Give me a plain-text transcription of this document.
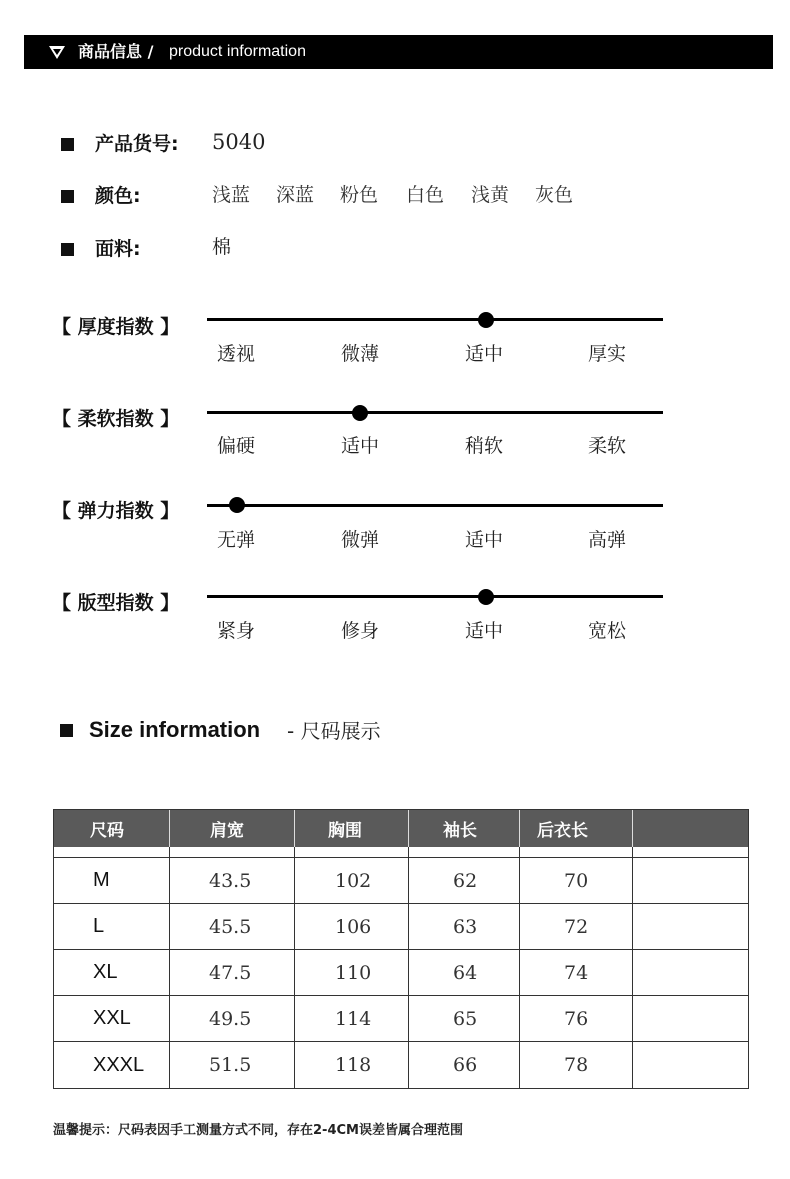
商品信息 / product information
产品货号: 5040
颜色:	浅蓝 深蓝 粉色 白色 浅黄 灰色
面料:	棉
【 厚度指数 】
透视	微薄	适中	厚实
【 柔软指数 】
偏硬	适中	稍软	柔软
【 弹力指数 】
无弹	微弹	适中	高弹
【 版型指数 】
紧身	修身	适中	宽松
Size information - 尺码展示
尺码	肩宽	胸围	袖长	后衣长
M	43.5	102	62	70
L	45.5	106	63	72
XL	47.5	110	64	74
XXL	49.5	114	65	76
XXXL	51.5	118	66	78
温馨提示：尺码表因手工测量方式不同，存在2-4CM误差皆属合理范围
